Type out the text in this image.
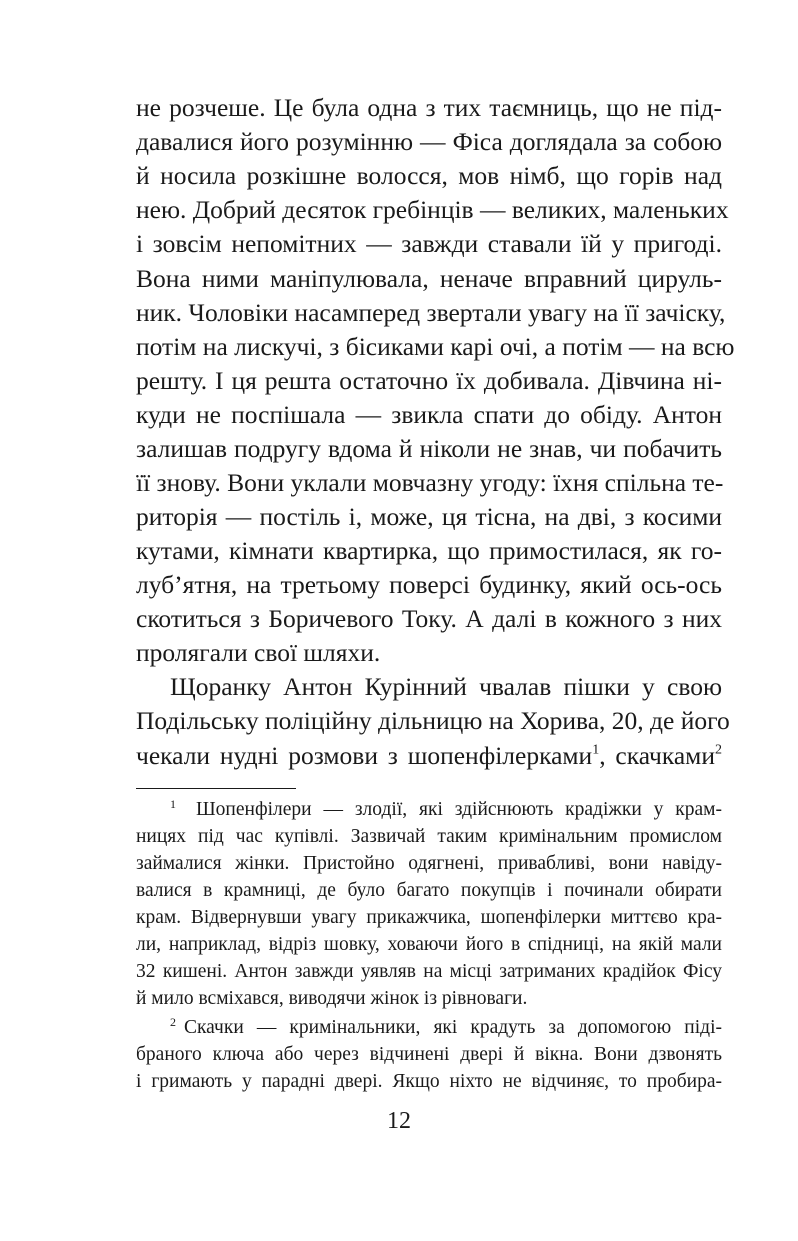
не розчеше. Це була одна з тих таємниць, що не під-
давалися його розумінню — Фіса доглядала за собою
й носила розкішне волосся, мов німб, що горів над
нею. Добрий десяток гребінців — великих, маленьких
і зовсім непомітних — завжди ставали їй у пригоді.
Вона ними маніпулювала, неначе вправний цируль-
ник. Чоловіки насамперед звертали увагу на її зачіску,
потім на лискучі, з бісиками карі очі, а потім — на всю
решту. І ця решта остаточно їх добивала. Дівчина ні-
куди не поспішала — звикла спати до обіду. Антон
залишав подругу вдома й ніколи не знав, чи побачить
її знову. Вони уклали мовчазну угоду: їхня спільна те-
риторія — постіль і, може, ця тісна, на дві, з косими
кутами, кімнати квартирка, що примостилася, як го-
луб’ятня, на третьому поверсі будинку, який ось-ось
скотиться з Боричевого Току. А далі в кожного з них
пролягали свої шляхи.
Щоранку Антон Курінний чвалав пішки у свою
Подільську поліційну дільницю на Хорива, 20, де його
чекали нудні розмови з шопенфілерками$^1$, скачками$^2$
1 Шопенфілери — злодії, які здійснюють крадіжки у крам-
ницях під час купівлі. Зазвичай таким кримінальним промислом
займалися жінки. Пристойно одягнені, привабливі, вони навіду-
валися в крамниці, де було багато покупців і починали обирати
крам. Відвернувши увагу прикажчика, шопенфілерки миттєво кра-
ли, наприклад, відріз шовку, ховаючи його в спідниці, на якій мали
32 кишені. Антон завжди уявляв на місці затриманих крадійок Фісу
й мило всміхався, виводячи жінок із рівноваги.
2 Скачки — кримінальники, які крадуть за допомогою піді-
браного ключа або через відчинені двері й вікна. Вони дзвонять
і гримають у парадні двері. Якщо ніхто не відчиняє, то пробира-
12
